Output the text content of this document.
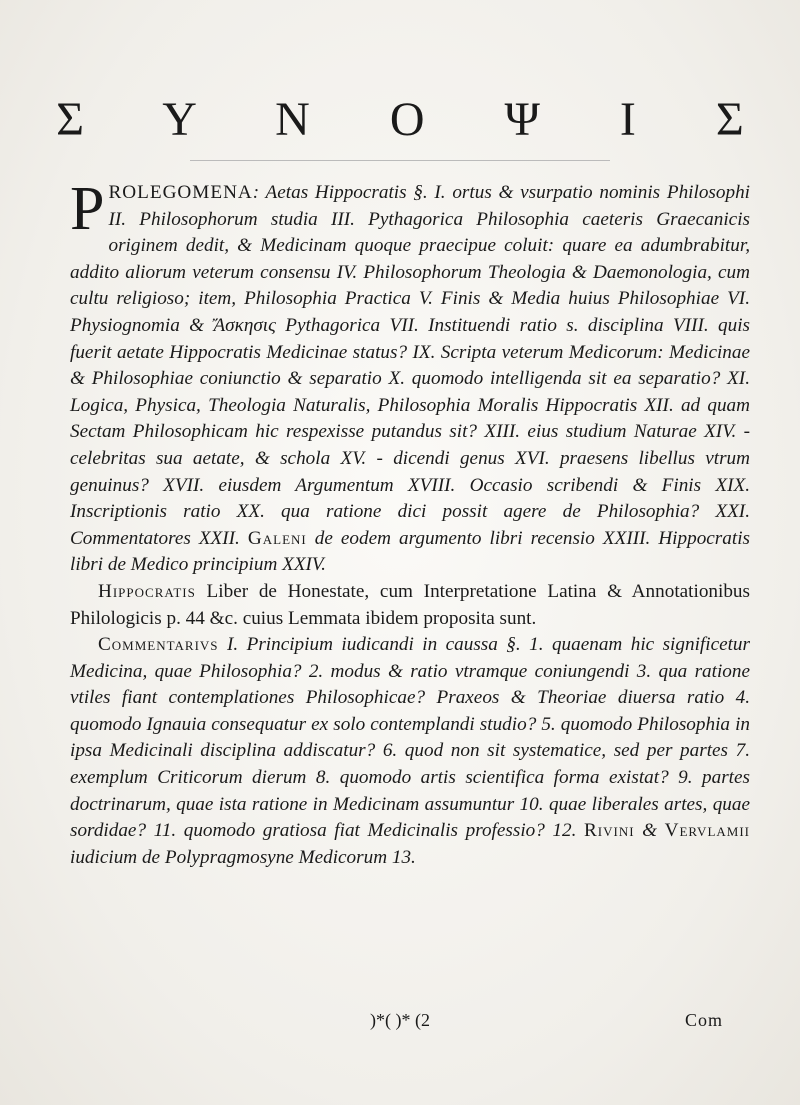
Σ Υ Ν Ο Ψ Ι Σ

PROLEGOMENA: Aetas Hippocratis §. I. ortus & vsurpatio nominis Philosophi II. Philosophorum studia III. Pythagorica Philosophia caeteris Graecanicis originem dedit, & Medicinam quoque praecipue coluit: quare ea adumbrabitur, addito aliorum veterum consensu IV. Philosophorum Theologia & Daemonologia, cum cultu religioso; item, Philosophia Practica V. Finis & Media huius Philosophiae VI. Physiognomia & Ἄσκησις Pythagorica VII. Instituendi ratio s. disciplina VIII. quis fuerit aetate Hippocratis Medicinae status? IX. Scripta veterum Medicorum: Medicinae & Philosophiae coniunctio & separatio X. quomodo intelligenda sit ea separatio? XI. Logica, Physica, Theologia Naturalis, Philosophia Moralis Hippocratis XII. ad quam Sectam Philosophicam hic respexisse putandus sit? XIII. eius studium Naturae XIV. - celebritas sua aetate, & schola XV. - dicendi genus XVI. praesens libellus vtrum genuinus? XVII. eiusdem Argumentum XVIII. Occasio scribendi & Finis XIX. Inscriptionis ratio XX. qua ratione dici possit agere de Philosophia? XXI. Commentatores XXII. Galeni de eodem argumento libri recensio XXIII. Hippocratis libri de Medico principium XXIV.

Hippocratis Liber de Honestate, cum Interpretatione Latina & Annotationibus Philologicis p. 44 &c. cuius Lemmata ibidem proposita sunt.

Commentarivs I. Principium iudicandi in caussa §. 1. quaenam hic significetur Medicina, quae Philosophia? 2. modus & ratio vtramque coniungendi 3. qua ratione vtiles fiant contemplationes Philosophicae? Praxeos & Theoriae diuersa ratio 4. quomodo Ignauia consequatur ex solo contemplandi studio? 5. quomodo Philosophia in ipsa Medicinali disciplina addiscatur? 6. quod non sit systematice, sed per partes 7. exemplum Criticorum dierum 8. quomodo artis scientifica forma existat? 9. partes doctrinarum, quae ista ratione in Medicinam assumuntur 10. quae liberales artes, quae sordidae? 11. quomodo gratiosa fiat Medicinalis professio? 12. Rivini & Vervlamii iudicium de Polypragmosyne Medicorum 13.

)*( )* (2	Com
